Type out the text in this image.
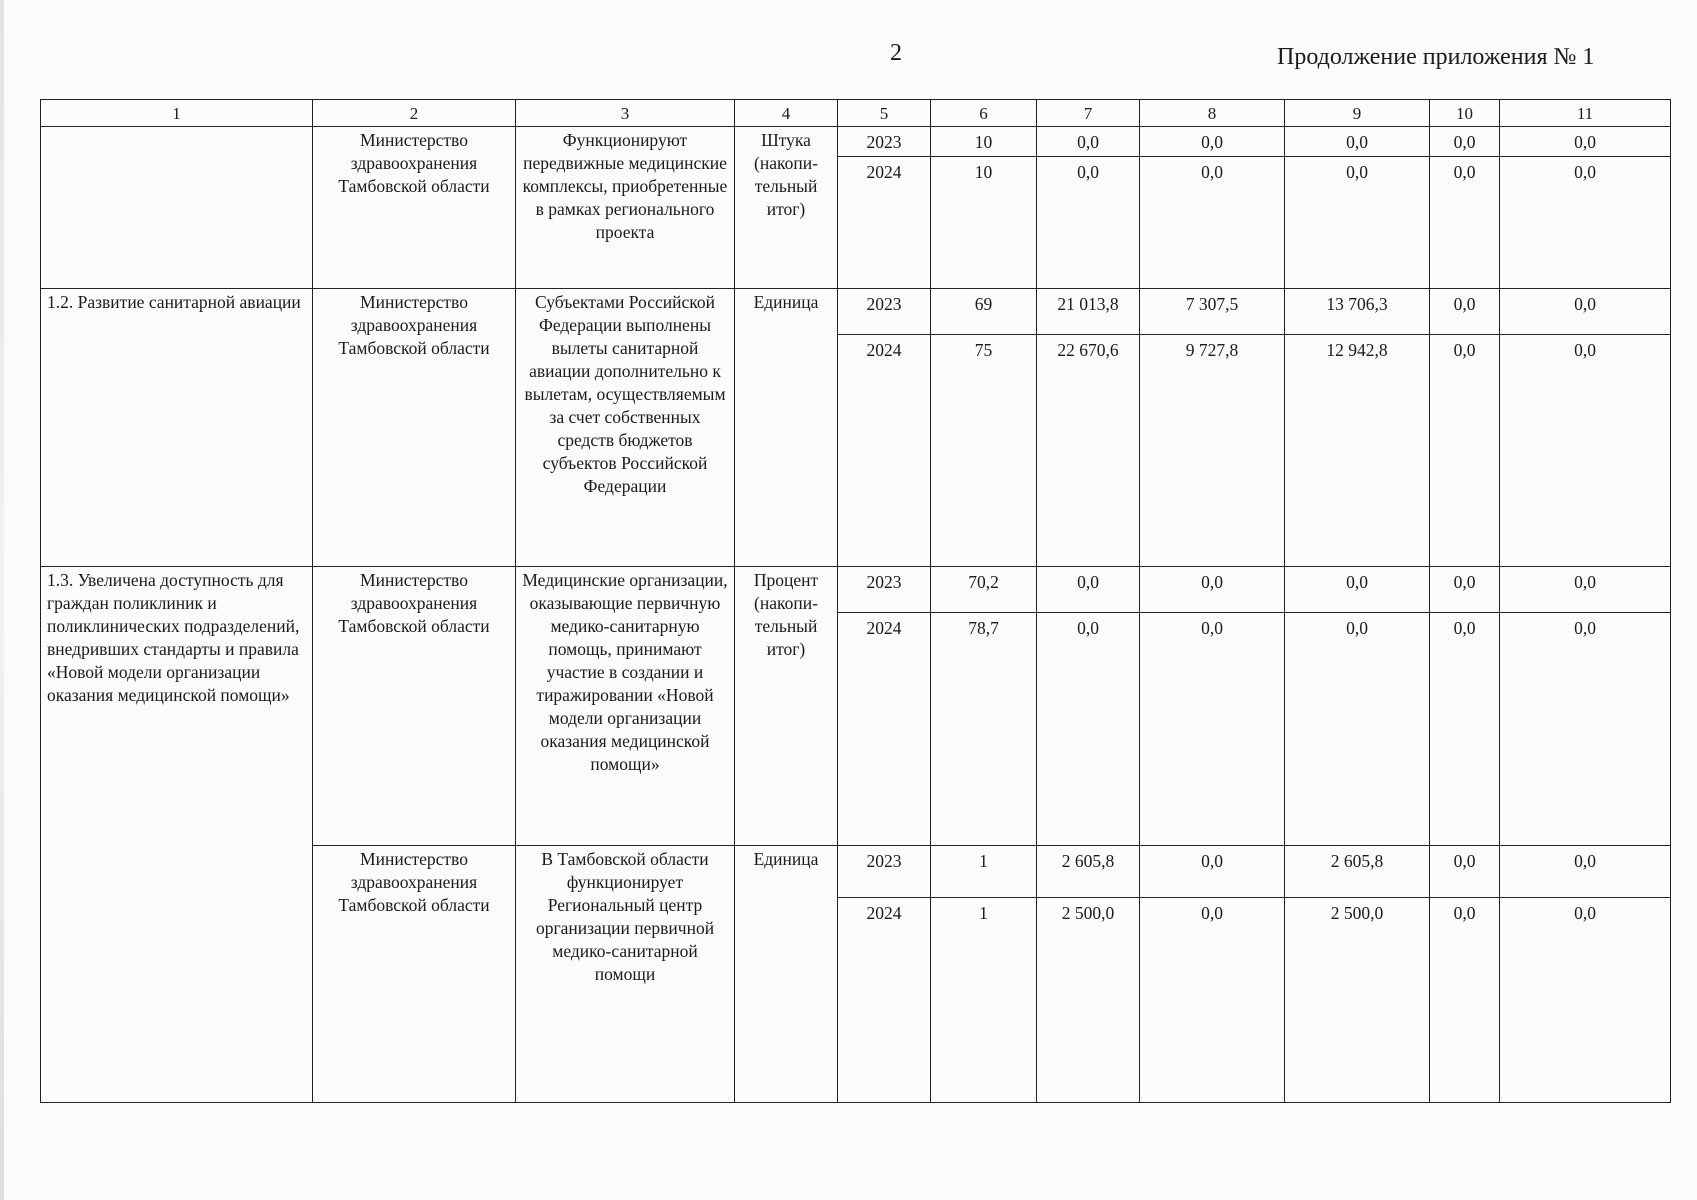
2	Продолжение приложения № 1
1	2	3	4	5	6	7	8	9	10	11
	Министерство здравоохранения Тамбовской области	Функционируют передвижные медицинские комплексы, приобретенные в рамках регионального проекта	Штука (накопи-тельный итог)	2023	10	0,0	0,0	0,0	0,0	0,0
				2024	10	0,0	0,0	0,0	0,0	0,0
1.2. Развитие санитарной авиации	Министерство здравоохранения Тамбовской области	Субъектами Российской Федерации выполнены вылеты санитарной авиации дополнительно к вылетам, осуществляемым за счет собственных средств бюджетов субъектов Российской Федерации	Единица	2023	69	21 013,8	7 307,5	13 706,3	0,0	0,0
				2024	75	22 670,6	9 727,8	12 942,8	0,0	0,0
1.3. Увеличена доступность для граждан поликлиник и поликлинических подразделений, внедривших стандарты и правила «Новой модели организации оказания медицинской помощи»	Министерство здравоохранения Тамбовской области	Медицинские организации, оказывающие первичную медико-санитарную помощь, принимают участие в создании и тиражировании «Новой модели организации оказания медицинской помощи»	Процент (накопи-тельный итог)	2023	70,2	0,0	0,0	0,0	0,0	0,0
				2024	78,7	0,0	0,0	0,0	0,0	0,0
	Министерство здравоохранения Тамбовской области	В Тамбовской области функционирует Региональный центр организации первичной медико-санитарной помощи	Единица	2023	1	2 605,8	0,0	2 605,8	0,0	0,0
				2024	1	2 500,0	0,0	2 500,0	0,0	0,0
